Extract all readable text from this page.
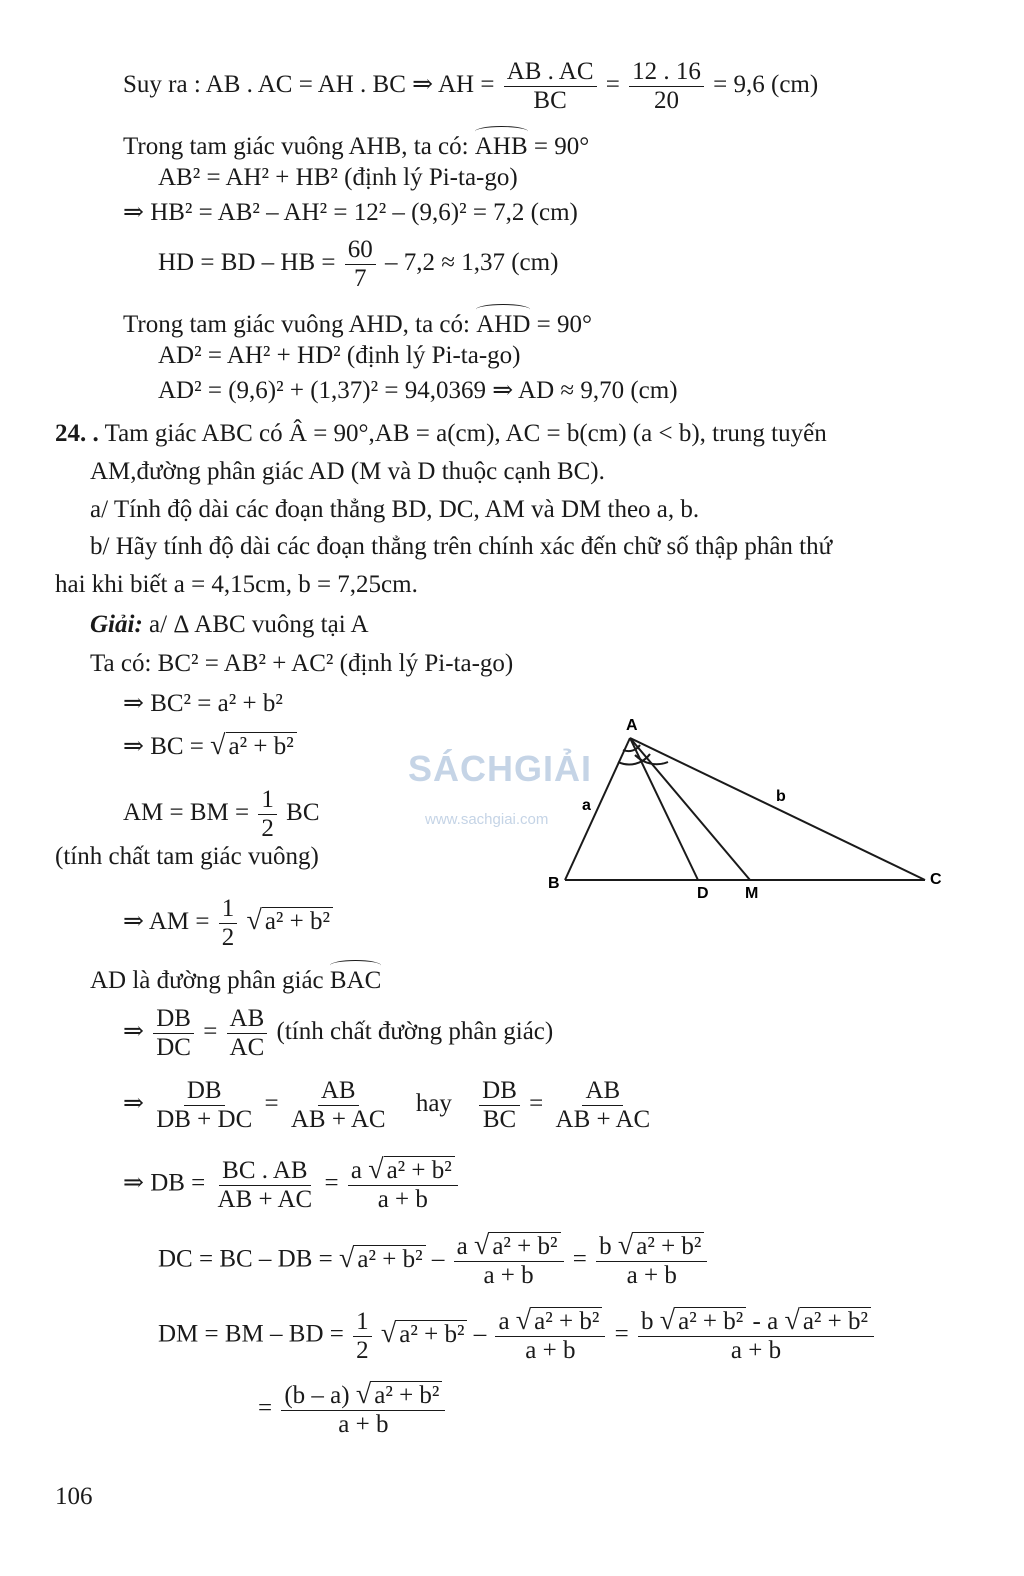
Suy ra : AB . AC = AH . BC ⇒ AH = $\frac{AB . AC}{BC} = \frac{12 . 16}{20} = 9,6$ (cm)
Trong tam giác vuông AHB, ta có: AHB = 90°
AB² = AH² + HB² (định lý Pi-ta-go)
⇒ HB² = AB² – AH² = 12² – (9,6)² = 7,2 (cm)
HD = BD – HB = $\frac{60}{7} - 7,2 \approx 1,37$ (cm)
Trong tam giác vuông AHD, ta có: AHD = 90°
AD² = AH² + HD² (định lý Pi-ta-go)
AD² = (9,6)² + (1,37)² = 94,0369 ⇒ AD ≈ 9,70 (cm)
24. . Tam giác ABC có Â = 90°,AB = a(cm), AC = b(cm) (a < b), trung tuyến
AM,đường phân giác AD (M và D thuộc cạnh BC).
a/ Tính độ dài các đoạn thẳng BD, DC, AM và DM theo a, b.
b/ Hãy tính độ dài các đoạn thẳng trên chính xác đến chữ số thập phân thứ
hai khi biết a = 4,15cm, b = 7,25cm.
Giải: a/ Δ ABC vuông tại A
Ta có: BC² = AB² + AC² (định lý Pi-ta-go)
⇒ BC² = a² + b²
⇒ BC = √ a² + b²
AM = BM = $\frac{1}{2}$ BC
(tính chất tam giác vuông)
⇒ AM = $\frac{1}{2}$ √ a² + b²
AD là đường phân giác BAC
⇒ $\frac{DB}{DC} = \frac{AB}{AC}$ (tính chất đường phân giác)
⇒ $\frac{DB}{DB + DC} = \frac{AB}{AB + AC}$ hay $\frac{DB}{BC} = \frac{AB}{AB + AC}$
⇒ DB = $\frac{BC . AB}{AB + AC} = \frac{\text{a √ a² + b²}}{a + b}$
DC = BC – DB = √ $a^2 + b^2 - \frac{\text{a √ a² + b²}}{a + b} = \frac{\text{b √ a² + b²}}{a + b}$
DM = BM – BD = $\frac{1}{2}$ √ $a^2 + b^2 - \frac{\text{a √ a² + b²}}{a + b} = \frac{\text{b √ a² + b² - a √ a² + b²}}{a + b}$
= $\frac{\text{(b – a) √ a² + b²}}{a + b}$
106
SÁCHGIẢI
www.sachgiai.com
A
B	C
D M
a
b
